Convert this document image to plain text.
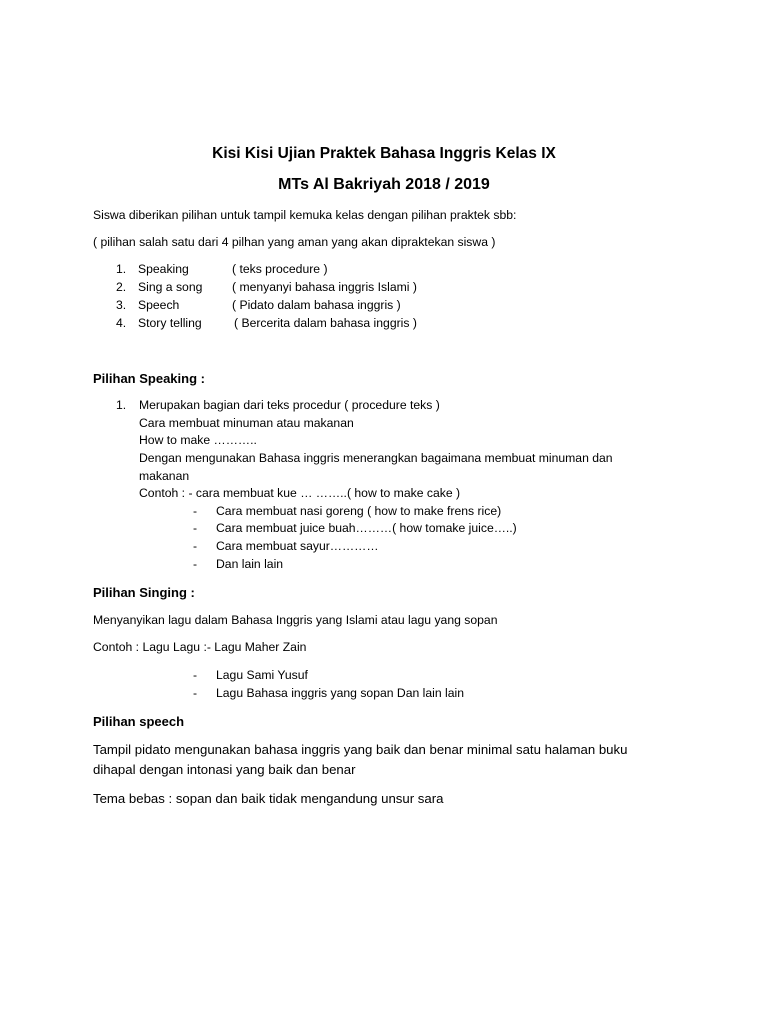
Kisi Kisi Ujian Praktek Bahasa Inggris Kelas IX
MTs Al Bakriyah 2018 / 2019
Siswa diberikan pilihan untuk tampil kemuka kelas dengan pilihan praktek sbb:
( pilihan salah satu dari 4 pilhan yang aman yang akan dipraktekan siswa )
1. Speaking	( teks procedure )
2. Sing a song ( menyanyi bahasa inggris Islami )
3. Speech	( Pidato dalam bahasa inggris )
4. Story telling	( Bercerita dalam bahasa inggris )
Pilihan Speaking :
1. Merupakan bagian dari teks procedur ( procedure teks )
Cara membuat minuman atau makanan
How to make ………..
Dengan mengunakan Bahasa inggris menerangkan bagaimana membuat minuman dan
makanan
Contoh : - cara membuat kue … ……..( how to make cake )
- Cara membuat nasi goreng ( how to make frens rice)
- Cara membuat juice buah………( how tomake juice…..)
- Cara membuat sayur…………
- Dan lain lain
Pilihan Singing :
Menyanyikan lagu dalam Bahasa Inggris yang Islami atau lagu yang sopan
Contoh : Lagu Lagu :- Lagu Maher Zain
- Lagu Sami Yusuf
- Lagu Bahasa inggris yang sopan Dan lain lain
Pilihan speech
Tampil pidato mengunakan bahasa inggris yang baik dan benar minimal satu halaman buku
dihapal dengan intonasi yang baik dan benar
Tema bebas : sopan dan baik tidak mengandung unsur sara
